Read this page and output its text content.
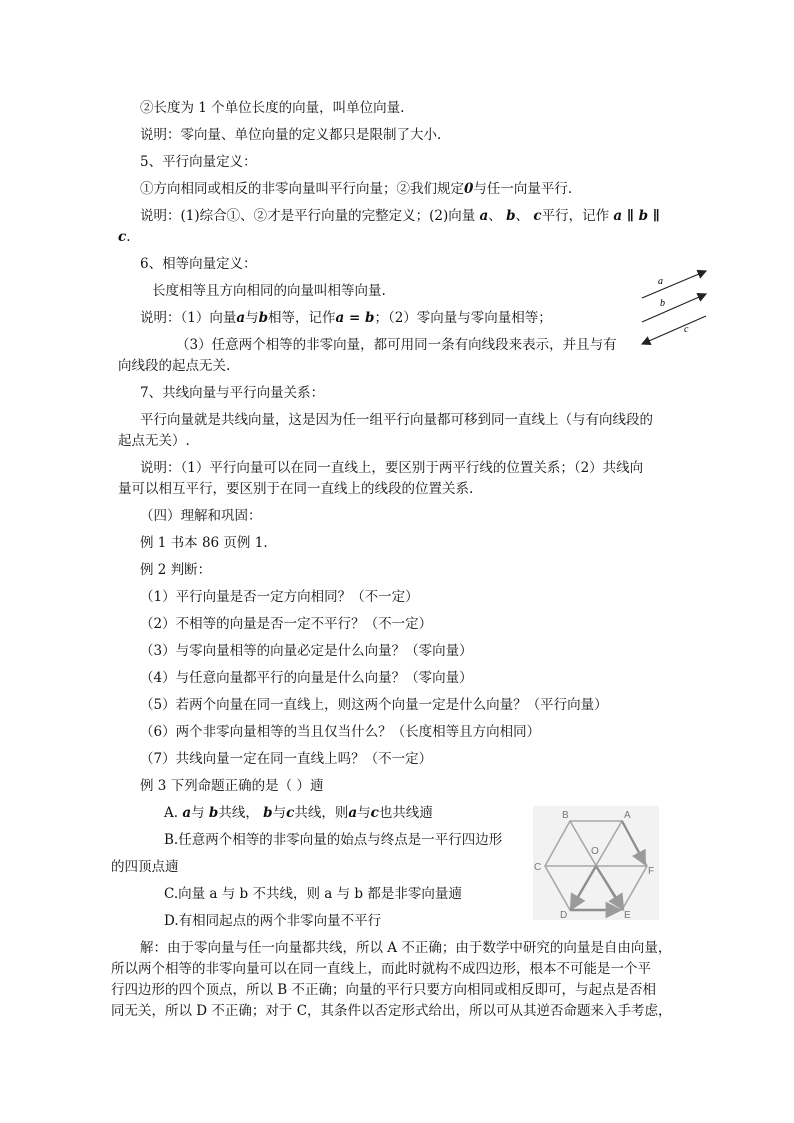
②长度为 1 个单位长度的向量，叫单位向量.
说明：零向量、单位向量的定义都只是限制了大小.
5、平行向量定义：
①方向相同或相反的非零向量叫平行向量；②我们规定0与任一向量平行.
说明：(1)综合①、②才是平行向量的完整定义；(2)向量 a、 b、 c平行，记作 a ∥ b ∥
c.
6、相等向量定义：
长度相等且方向相同的向量叫相等向量.
说明：（1）向量a与b相等，记作a = b；（2）零向量与零向量相等；
（3）任意两个相等的非零向量，都可用同一条有向线段来表示，并且与有
向线段的起点无关.
7、共线向量与平行向量关系：
平行向量就是共线向量，这是因为任一组平行向量都可移到同一直线上（与有向线段的
起点无关）.
说明：（1）平行向量可以在同一直线上，要区别于两平行线的位置关系；（2）共线向
量可以相互平行，要区别于在同一直线上的线段的位置关系.
（四）理解和巩固：
例 1 书本 86 页例 1.
例 2 判断：
（1）平行向量是否一定方向相同？（不一定）
（2）不相等的向量是否一定不平行？（不一定）
（3）与零向量相等的向量必定是什么向量？（零向量）
（4）与任意向量都平行的向量是什么向量？（零向量）
（5）若两个向量在同一直线上，则这两个向量一定是什么向量？（平行向量）
（6）两个非零向量相等的当且仅当什么？（长度相等且方向相同）
（7）共线向量一定在同一直线上吗？（不一定）
例 3 下列命题正确的是（ ）遖
A. a与 b共线， b与c共线，则a与c也共线遖
B.任意两个相等的非零向量的始点与终点是一平行四边形
的四顶点遖
C.向量 a 与 b 不共线，则 a 与 b 都是非零向量遖
D.有相同起点的两个非零向量不平行
解：由于零向量与任一向量都共线，所以 A 不正确；由于数学中研究的向量是自由向量，
所以两个相等的非零向量可以在同一直线上，而此时就构不成四边形，根本不可能是一个平
行四边形的四个顶点，所以 B 不正确；向量的平行只要方向相同或相反即可，与起点是否相
同无关，所以 D 不正确；对于 C，其条件以否定形式给出，所以可从其逆否命题来入手考虑，
a
b
c
A
B
C
O
F
D	E
